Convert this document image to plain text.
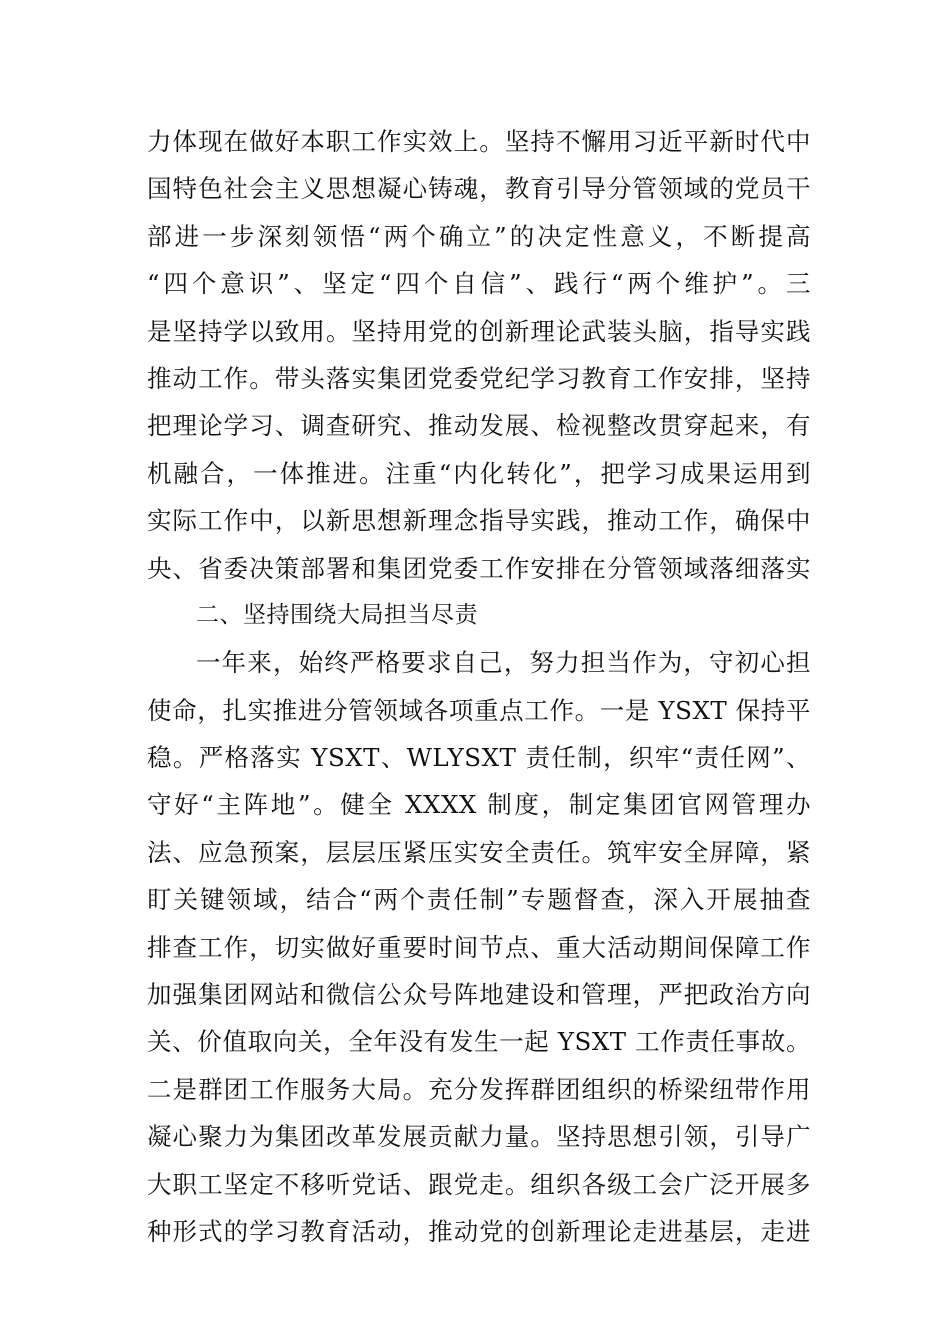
力体现在做好本职工作实效上。坚持不懈用习近平新时代中
国特色社会主义思想凝心铸魂，教育引导分管领域的党员干
部进一步深刻领悟“两个确立”的决定性意义，不断提高
“四个意识”、坚定“四个自信”、践行“两个维护”。三
是坚持学以致用。坚持用党的创新理论武装头脑，指导实践
推动工作。带头落实集团党委党纪学习教育工作安排，坚持
把理论学习、调查研究、推动发展、检视整改贯穿起来，有
机融合，一体推进。注重“内化转化”，把学习成果运用到
实际工作中，以新思想新理念指导实践，推动工作，确保中
央、省委决策部署和集团党委工作安排在分管领域落细落实
二、坚持围绕大局担当尽责
一年来，始终严格要求自己，努力担当作为，守初心担
使命，扎实推进分管领域各项重点工作。一是 YSXT 保持平
稳。严格落实 YSXT、WLYSXT 责任制，织牢“责任网”、
守好“主阵地”。健全 XXXX 制度，制定集团官网管理办
法、应急预案，层层压紧压实安全责任。筑牢安全屏障，紧
盯关键领域，结合“两个责任制”专题督查，深入开展抽查
排查工作，切实做好重要时间节点、重大活动期间保障工作
加强集团网站和微信公众号阵地建设和管理，严把政治方向
关、价值取向关，全年没有发生一起 YSXT 工作责任事故。
二是群团工作服务大局。充分发挥群团组织的桥梁纽带作用
凝心聚力为集团改革发展贡献力量。坚持思想引领，引导广
大职工坚定不移听党话、跟党走。组织各级工会广泛开展多
种形式的学习教育活动，推动党的创新理论走进基层，走进
